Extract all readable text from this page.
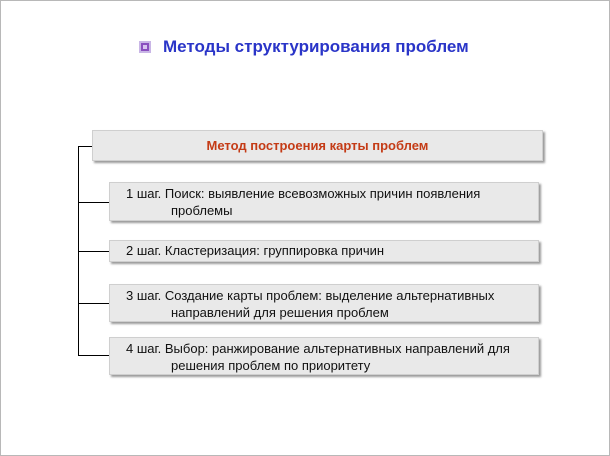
Методы структурирования проблем
Метод построения карты проблем
1 шаг. Поиск: выявление всевозможных причин появления
проблемы
2 шаг. Кластеризация: группировка причин
3 шаг. Создание карты проблем: выделение альтернативных
направлений для решения проблем
4 шаг. Выбор: ранжирование альтернативных направлений для
решения проблем по приоритету
